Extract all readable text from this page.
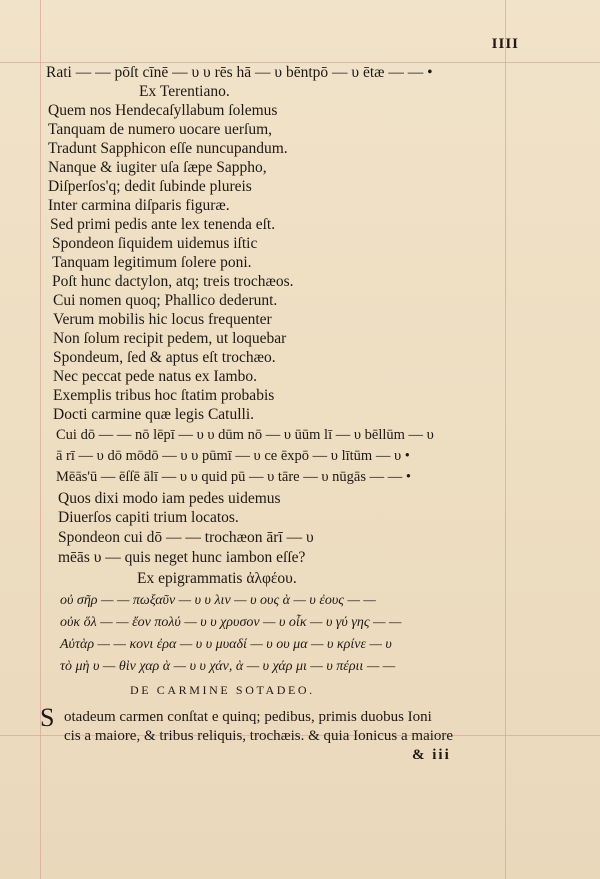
IIII
Rati — — pōſt cīnē — υ υ rēs hā — υ bēntpō — υ ētæ — — •
Ex Terentiano.
Quem nos Hendecaſyllabum ſolemus
Tanquam de numero uocare uerſum,
Tradunt Sapphicon eſſe nuncupandum.
Nanque & iugiter uſa ſæpe Sappho,
Diſperſos'q; dedit ſubinde plureis
Inter carmina diſparis figuræ.
Sed primi pedis ante lex tenenda eſt.
Spondeon ſiquidem uidemus iſtic
Tanquam legitimum ſolere poni.
Poſt hunc dactylon, atq; treis trochæos.
Cui nomen quoq; Phallico dederunt.
Verum mobilis hic locus frequenter
Non ſolum recipit pedem, ut loquebar
Spondeum, ſed & aptus eſt trochæo.
Nec peccat pede natus ex Iambo.
Exemplis tribus hoc ſtatim probabis
Docti carmine quæ legis Catulli.
Cui dō — — nō lēpī — υ υ dūm nō — υ ūūm lī — υ bēllūm — υ
ā rī — υ dō mōdō — υ υ pūmī — υ ce ēxpō — υ lītūm — υ •
Mēās'ū — ēſſē ālī — υ υ quid pū — υ tāre — υ nūgās — — •
Quos dixi modo iam pedes uidemus
Diuerſos capiti trium locatos.
Spondeon cui dō — — trochæon ārī — υ
mēās υ — quis neget hunc iambon eſſe?
Ex epigrammatis ἀλφέου.
οὐ σῆρ — — πωξαῦν — υ υ λιν — υ ους ὰ — υ ἐους — —
οὐκ ὅλ — — ἔον πολύ — υ υ χρυσον — υ οἶκ — υ γύ γης — —
Αὐτὰρ — — κονι ἐρα — υ υ μυαδί — υ ου μα — υ κρίνε — υ
τὸ μὴ υ — θὶν χαρ ὰ — υ υ χάν, ὰ — υ χάρ μι — υ πέριι — —
DE CARMINE SOTADEO.
S otadeum carmen conſtat e quinq; pedibus, primis duobus Ioni
cis a maiore, & tribus reliquis, trochæis. & quia Ionicus a maiore
& iii
